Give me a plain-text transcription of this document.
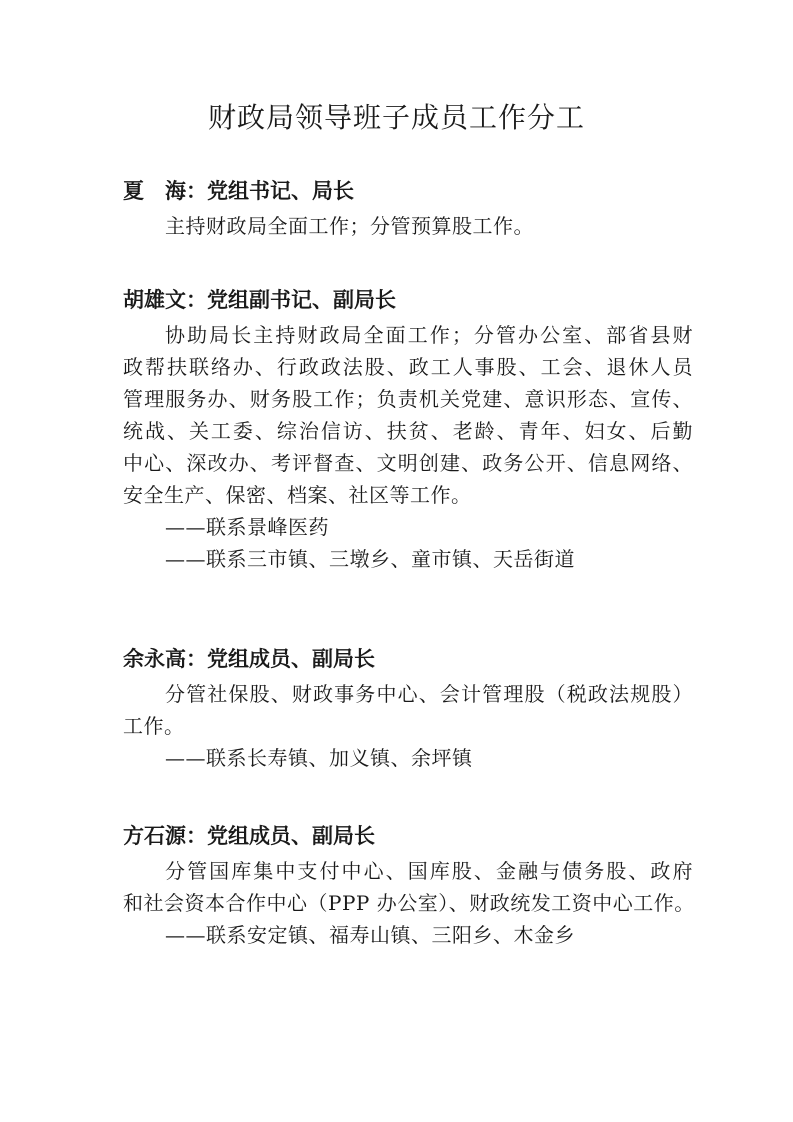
财政局领导班子成员工作分工

夏　海：党组书记、局长

主持财政局全面工作；分管预算股工作。

胡雄文：党组副书记、副局长

协助局长主持财政局全面工作；分管办公室、部省县财

政帮扶联络办、行政政法股、政工人事股、工会、退休人员

管理服务办、财务股工作；负责机关党建、意识形态、宣传、

统战、关工委、综治信访、扶贫、老龄、青年、妇女、后勤

中心、深改办、考评督查、文明创建、政务公开、信息网络、

安全生产、保密、档案、社区等工作。

——联系景峰医药

——联系三市镇、三墩乡、童市镇、天岳街道

余永高：党组成员、副局长

分管社保股、财政事务中心、会计管理股（税政法规股）

工作。

——联系长寿镇、加义镇、余坪镇

方石源：党组成员、副局长

分管国库集中支付中心、国库股、金融与债务股、政府

和社会资本合作中心（PPP 办公室）、财政统发工资中心工作。

——联系安定镇、福寿山镇、三阳乡、木金乡
